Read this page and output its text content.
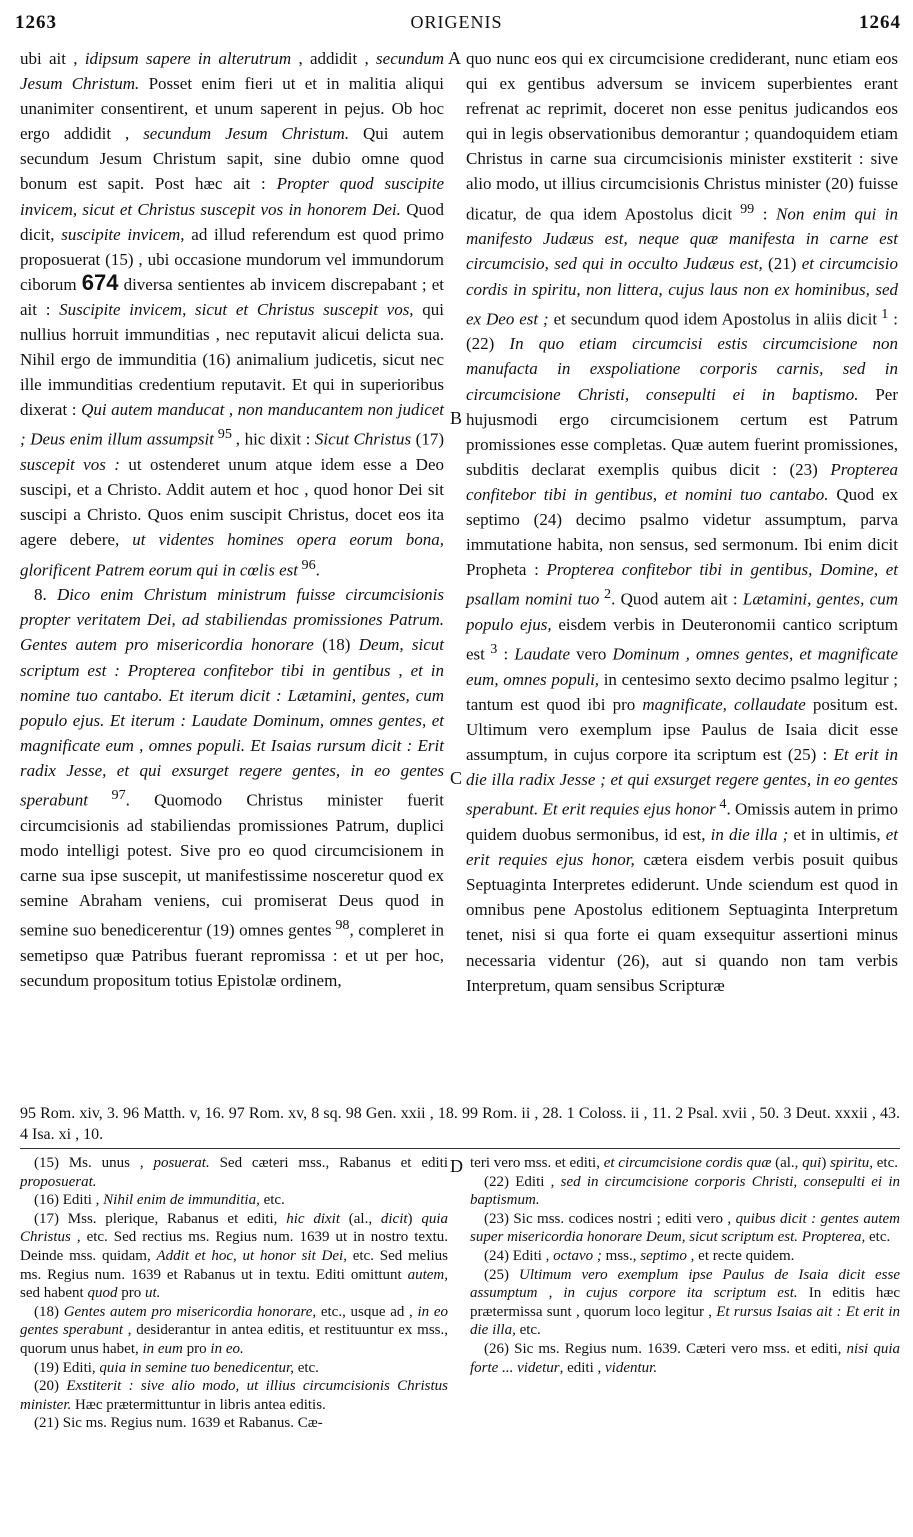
1263	ORIGENIS	1264
A
B
C
D

ubi ait , idipsum sapere in alterutrum , addidit , secundum Jesum Christum. Posset enim fieri ut et in malitia aliqui unanimiter consentirent, et unum saperent in pejus. Ob hoc ergo addidit , secundum Jesum Christum. Qui autem secundum Jesum Christum sapit, sine dubio omne quod bonum est sapit. Post hæc ait : Propter quod suscipite invicem, sicut et Christus suscepit vos in honorem Dei. Quod dicit, suscipite invicem, ad illud referendum est quod primo proposuerat (15) , ubi occasione mundorum vel immundorum ciborum 674 diversa sentientes ab invicem discrepabant ; et ait : Suscipite invicem, sicut et Christus suscepit vos, qui nullius horruit immunditias , nec reputavit alicui delicta sua. Nihil ergo de immunditia (16) animalium judicetis, sicut nec ille immunditias credentium reputavit. Et qui in superioribus dixerat : Qui autem manducat , non manducantem non judicet ; Deus enim illum assumpsit $^{95}$ , hic dixit : Sicut Christus (17) suscepit vos : ut ostenderet unum atque idem esse a Deo suscipi, et a Christo. Addit autem et hoc , quod honor Dei sit suscipi a Christo. Quos enim suscipit Christus, docet eos ita agere debere, ut videntes homines opera eorum bona, glorificent Patrem eorum qui in cœlis est $^{96}$.

8. Dico enim Christum ministrum fuisse circumcisionis propter veritatem Dei, ad stabiliendas promissiones Patrum. Gentes autem pro misericordia honorare (18) Deum, sicut scriptum est : Propterea confitebor tibi in gentibus , et in nomine tuo cantabo. Et iterum dicit : Lætamini, gentes, cum populo ejus. Et iterum : Laudate Dominum, omnes gentes, et magnificate eum , omnes populi. Et Isaias rursum dicit : Erit radix Jesse, et qui exsurget regere gentes, in eo gentes sperabunt $^{97}$. Quomodo Christus minister fuerit circumcisionis ad stabiliendas promissiones Patrum, duplici modo intelligi potest. Sive pro eo quod circumcisionem in carne sua ipse suscepit, ut manifestissime nosceretur quod ex semine Abraham veniens, cui promiserat Deus quod in semine suo benedicerentur (19) omnes gentes $^{98}$, compleret in semetipso quæ Patribus fuerant repromissa : et ut per hoc, secundum propositum totius Epistolæ ordinem,

quo nunc eos qui ex circumcisione crediderant, nunc etiam eos qui ex gentibus adversum se invicem superbientes erant refrenat ac reprimit, doceret non esse penitus judicandos eos qui in legis observationibus demorantur ; quandoquidem etiam Christus in carne sua circumcisionis minister exstiterit : sive alio modo, ut illius circumcisionis Christus minister (20) fuisse dicatur, de qua idem Apostolus dicit $^{99}$ : Non enim qui in manifesto Judæus est, neque quæ manifesta in carne est circumcisio, sed qui in occulto Judæus est, (21) et circumcisio cordis in spiritu, non littera, cujus laus non ex hominibus, sed ex Deo est ; et secundum quod idem Apostolus in aliis dicit $^1$ : (22) In quo etiam circumcisi estis circumcisione non manufacta in exspoliatione corporis carnis, sed in circumcisione Christi, consepulti ei in baptismo. Per hujusmodi ergo circumcisionem certum est Patrum promissiones esse completas. Quæ autem fuerint promissiones, subditis declarat exemplis quibus dicit : (23) Propterea confitebor tibi in gentibus, et nomini tuo cantabo. Quod ex septimo (24) decimo psalmo videtur assumptum, parva immutatione habita, non sensus, sed sermonum. Ibi enim dicit Propheta : Propterea confitebor tibi in gentibus, Domine, et psallam nomini tuo $^2$. Quod autem ait : Lætamini, gentes, cum populo ejus, eisdem verbis in Deuteronomii cantico scriptum est $^3$ : Laudate vero Dominum , omnes gentes, et magnificate eum, omnes populi, in centesimo sexto decimo psalmo legitur ; tantum est quod ibi pro magnificate, collaudate positum est. Ultimum vero exemplum ipse Paulus de Isaia dicit esse assumptum, in cujus corpore ita scriptum est (25) : Et erit in die illa radix Jesse ; et qui exsurget regere gentes, in eo gentes sperabunt. Et erit requies ejus honor $^4$. Omissis autem in primo quidem duobus sermonibus, id est, in die illa ; et in ultimis, et erit requies ejus honor, cætera eisdem verbis posuit quibus Septuaginta Interpretes ediderunt. Unde sciendum est quod in omnibus pene Apostolus editionem Septuaginta Interpretum tenet, nisi si qua forte ei quam exsequitur assertioni minus necessaria videntur (26), aut si quando non tam verbis Interpretum, quam sensibus Scripturæ

95 Rom. xiv, 3. 96 Matth. v, 16. 97 Rom. xv, 8 sq. 98 Gen. xxii , 18. 99 Rom. ii , 28. 1 Coloss. ii , 11. 2 Psal. xvii , 50. 3 Deut. xxxii , 43. 4 Isa. xi , 10.

(15) Ms. unus , posuerat. Sed cæteri mss., Rabanus et editi proposuerat.

(16) Editi , Nihil enim de immunditia, etc.

(17) Mss. plerique, Rabanus et editi, hic dixit (al., dicit) quia Christus , etc. Sed rectius ms. Regius num. 1639 ut in nostro textu. Deinde mss. quidam, Addit et hoc, ut honor sit Dei, etc. Sed melius ms. Regius num. 1639 et Rabanus ut in textu. Editi omittunt autem, sed habent quod pro ut.

(18) Gentes autem pro misericordia honorare, etc., usque ad , in eo gentes sperabunt , desiderantur in antea editis, et restituuntur ex mss., quorum unus habet, in eum pro in eo.

(19) Editi, quia in semine tuo benedicentur, etc.

(20) Exstiterit : sive alio modo, ut illius circumcisionis Christus minister. Hæc prætermittuntur in libris antea editis.

(21) Sic ms. Regius num. 1639 et Rabanus. Cæ-

teri vero mss. et editi, et circumcisione cordis quæ (al., qui) spiritu, etc.

(22) Editi , sed in circumcisione corporis Christi, consepulti ei in baptismum.

(23) Sic mss. codices nostri ; editi vero , quibus dicit : gentes autem super misericordia honorare Deum, sicut scriptum est. Propterea, etc.

(24) Editi , octavo ; mss., septimo , et recte quidem.

(25) Ultimum vero exemplum ipse Paulus de Isaia dicit esse assumptum , in cujus corpore ita scriptum est. In editis hæc prætermissa sunt , quorum loco legitur , Et rursus Isaias ait : Et erit in die illa, etc.

(26) Sic ms. Regius num. 1639. Cæteri vero mss. et editi, nisi quia forte ... videtur, editi , videntur.
